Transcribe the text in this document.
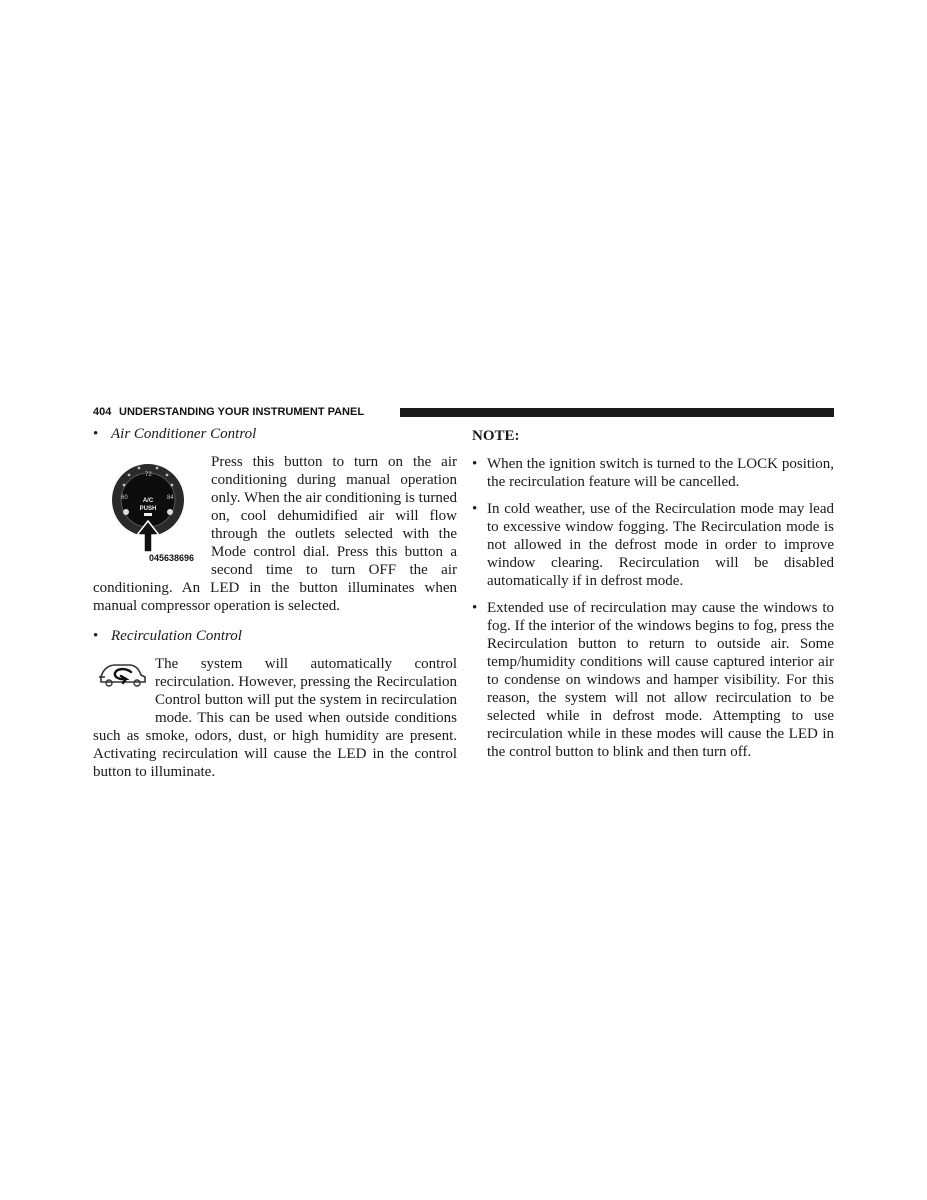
404 UNDERSTANDING YOUR INSTRUMENT PANEL
• Air Conditioner Control
60
72
84
A/C
PUSH
045638696

Press this button to turn on the air conditioning during manual operation only. When the air conditioning is turned on, cool dehumidified air will flow through the outlets selected with the Mode control dial. Press this button a second time to turn OFF the air conditioning. An LED in the button illuminates when manual compressor operation is selected.

• Recirculation Control

The system will automatically control recirculation. However, pressing the Recirculation Control button will put the system in recirculation mode. This can be used when outside conditions such as smoke, odors, dust, or high humidity are present. Activating recirculation will cause the LED in the control button to illuminate.

NOTE:
• When the ignition switch is turned to the LOCK position, the recirculation feature will be cancelled.
• In cold weather, use of the Recirculation mode may lead to excessive window fogging. The Recirculation mode is not allowed in the defrost mode in order to improve window clearing. Recirculation will be disabled automatically if in defrost mode.
• Extended use of recirculation may cause the windows to fog. If the interior of the windows begins to fog, press the Recirculation button to return to outside air. Some temp/humidity conditions will cause captured interior air to condense on windows and hamper visibility. For this reason, the system will not allow recirculation to be selected while in defrost mode. Attempting to use recirculation while in these modes will cause the LED in the control button to blink and then turn off.
